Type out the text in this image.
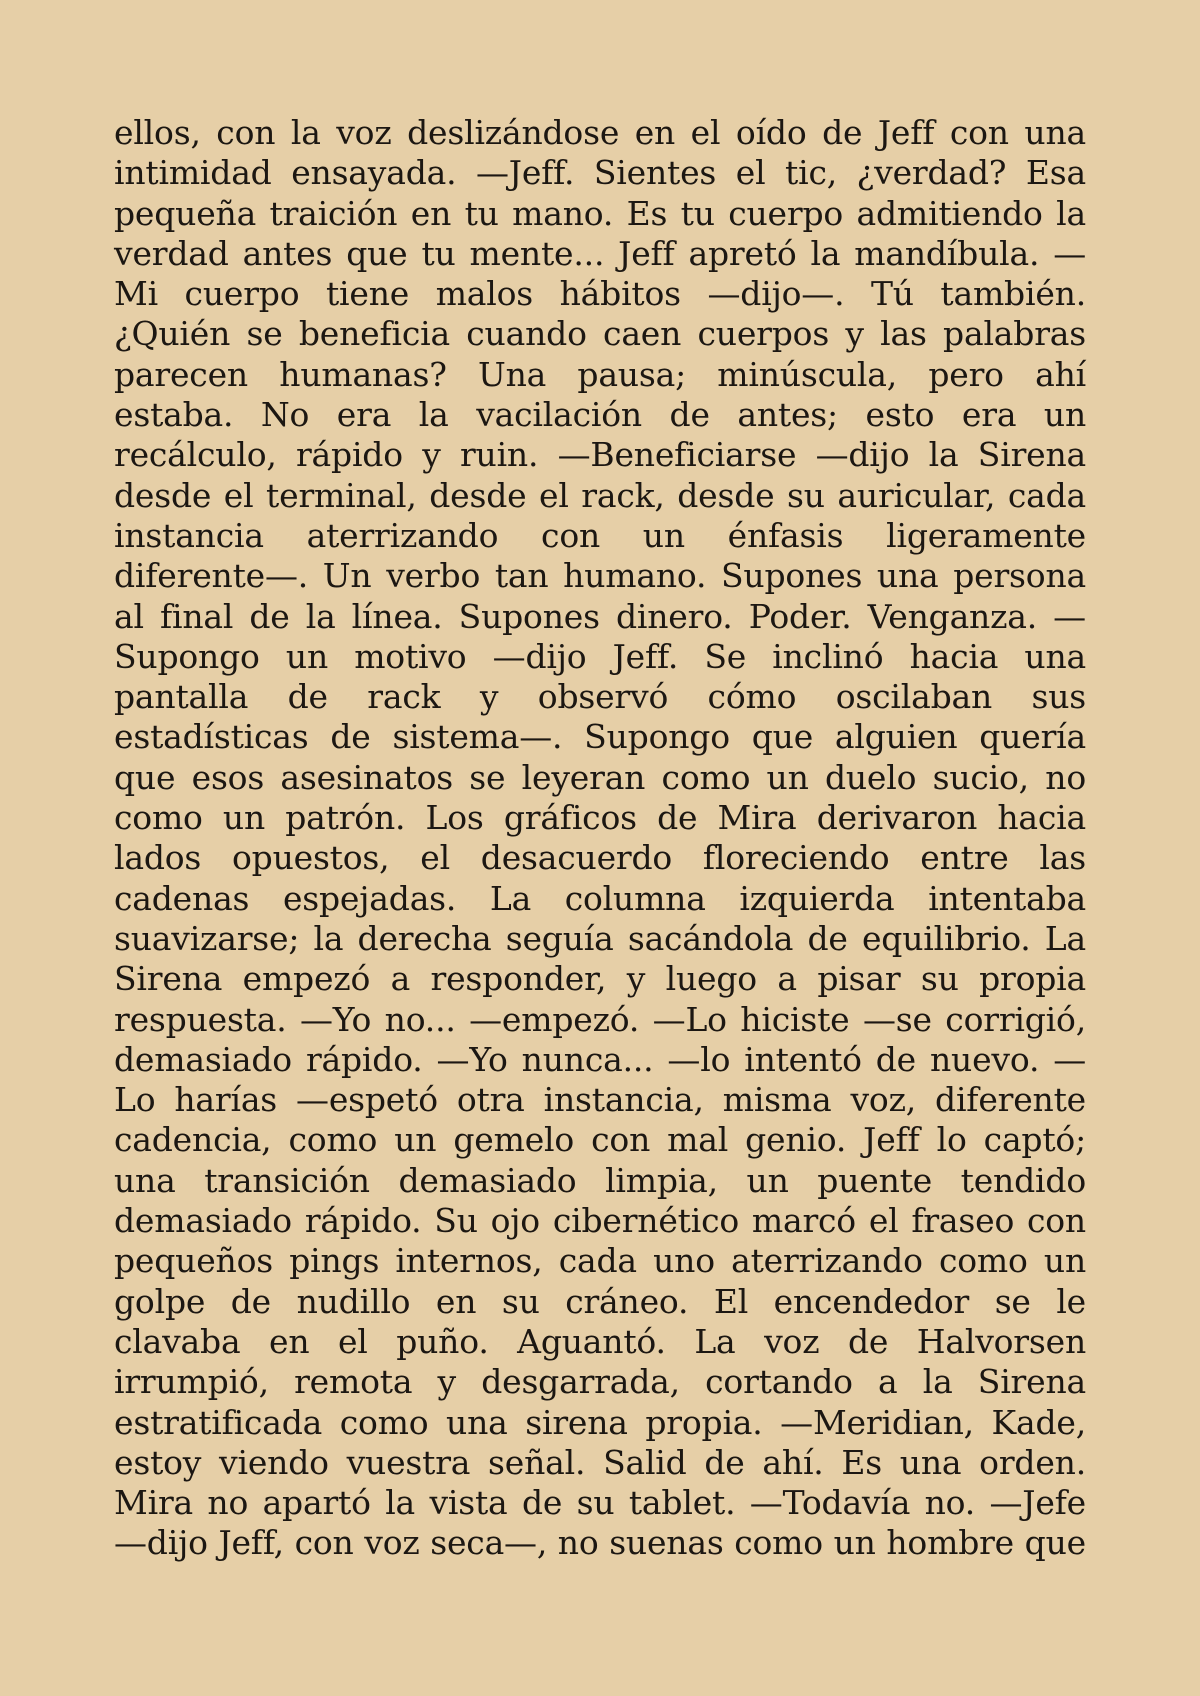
ellos, con la voz deslizándose en el oído de Jeff con una
intimidad ensayada. —Jeff. Sientes el tic, ¿verdad? Esa
pequeña traición en tu mano. Es tu cuerpo admitiendo la
verdad antes que tu mente... Jeff apretó la mandíbula. —
Mi cuerpo tiene malos hábitos —dijo—. Tú también.
¿Quién se beneficia cuando caen cuerpos y las palabras
parecen humanas? Una pausa; minúscula, pero ahí
estaba. No era la vacilación de antes; esto era un
recálculo, rápido y ruin. —Beneficiarse —dijo la Sirena
desde el terminal, desde el rack, desde su auricular, cada
instancia aterrizando con un énfasis ligeramente
diferente—. Un verbo tan humano. Supones una persona
al final de la línea. Supones dinero. Poder. Venganza. —
Supongo un motivo —dijo Jeff. Se inclinó hacia una
pantalla de rack y observó cómo oscilaban sus
estadísticas de sistema—. Supongo que alguien quería
que esos asesinatos se leyeran como un duelo sucio, no
como un patrón. Los gráficos de Mira derivaron hacia
lados opuestos, el desacuerdo floreciendo entre las
cadenas espejadas. La columna izquierda intentaba
suavizarse; la derecha seguía sacándola de equilibrio. La
Sirena empezó a responder, y luego a pisar su propia
respuesta. —Yo no... —empezó. —Lo hiciste —se corrigió,
demasiado rápido. —Yo nunca... —lo intentó de nuevo. —
Lo harías —espetó otra instancia, misma voz, diferente
cadencia, como un gemelo con mal genio. Jeff lo captó;
una transición demasiado limpia, un puente tendido
demasiado rápido. Su ojo cibernético marcó el fraseo con
pequeños pings internos, cada uno aterrizando como un
golpe de nudillo en su cráneo. El encendedor se le
clavaba en el puño. Aguantó. La voz de Halvorsen
irrumpió, remota y desgarrada, cortando a la Sirena
estratificada como una sirena propia. —Meridian, Kade,
estoy viendo vuestra señal. Salid de ahí. Es una orden.
Mira no apartó la vista de su tablet. —Todavía no. —Jefe
—dijo Jeff, con voz seca—, no suenas como un hombre que
